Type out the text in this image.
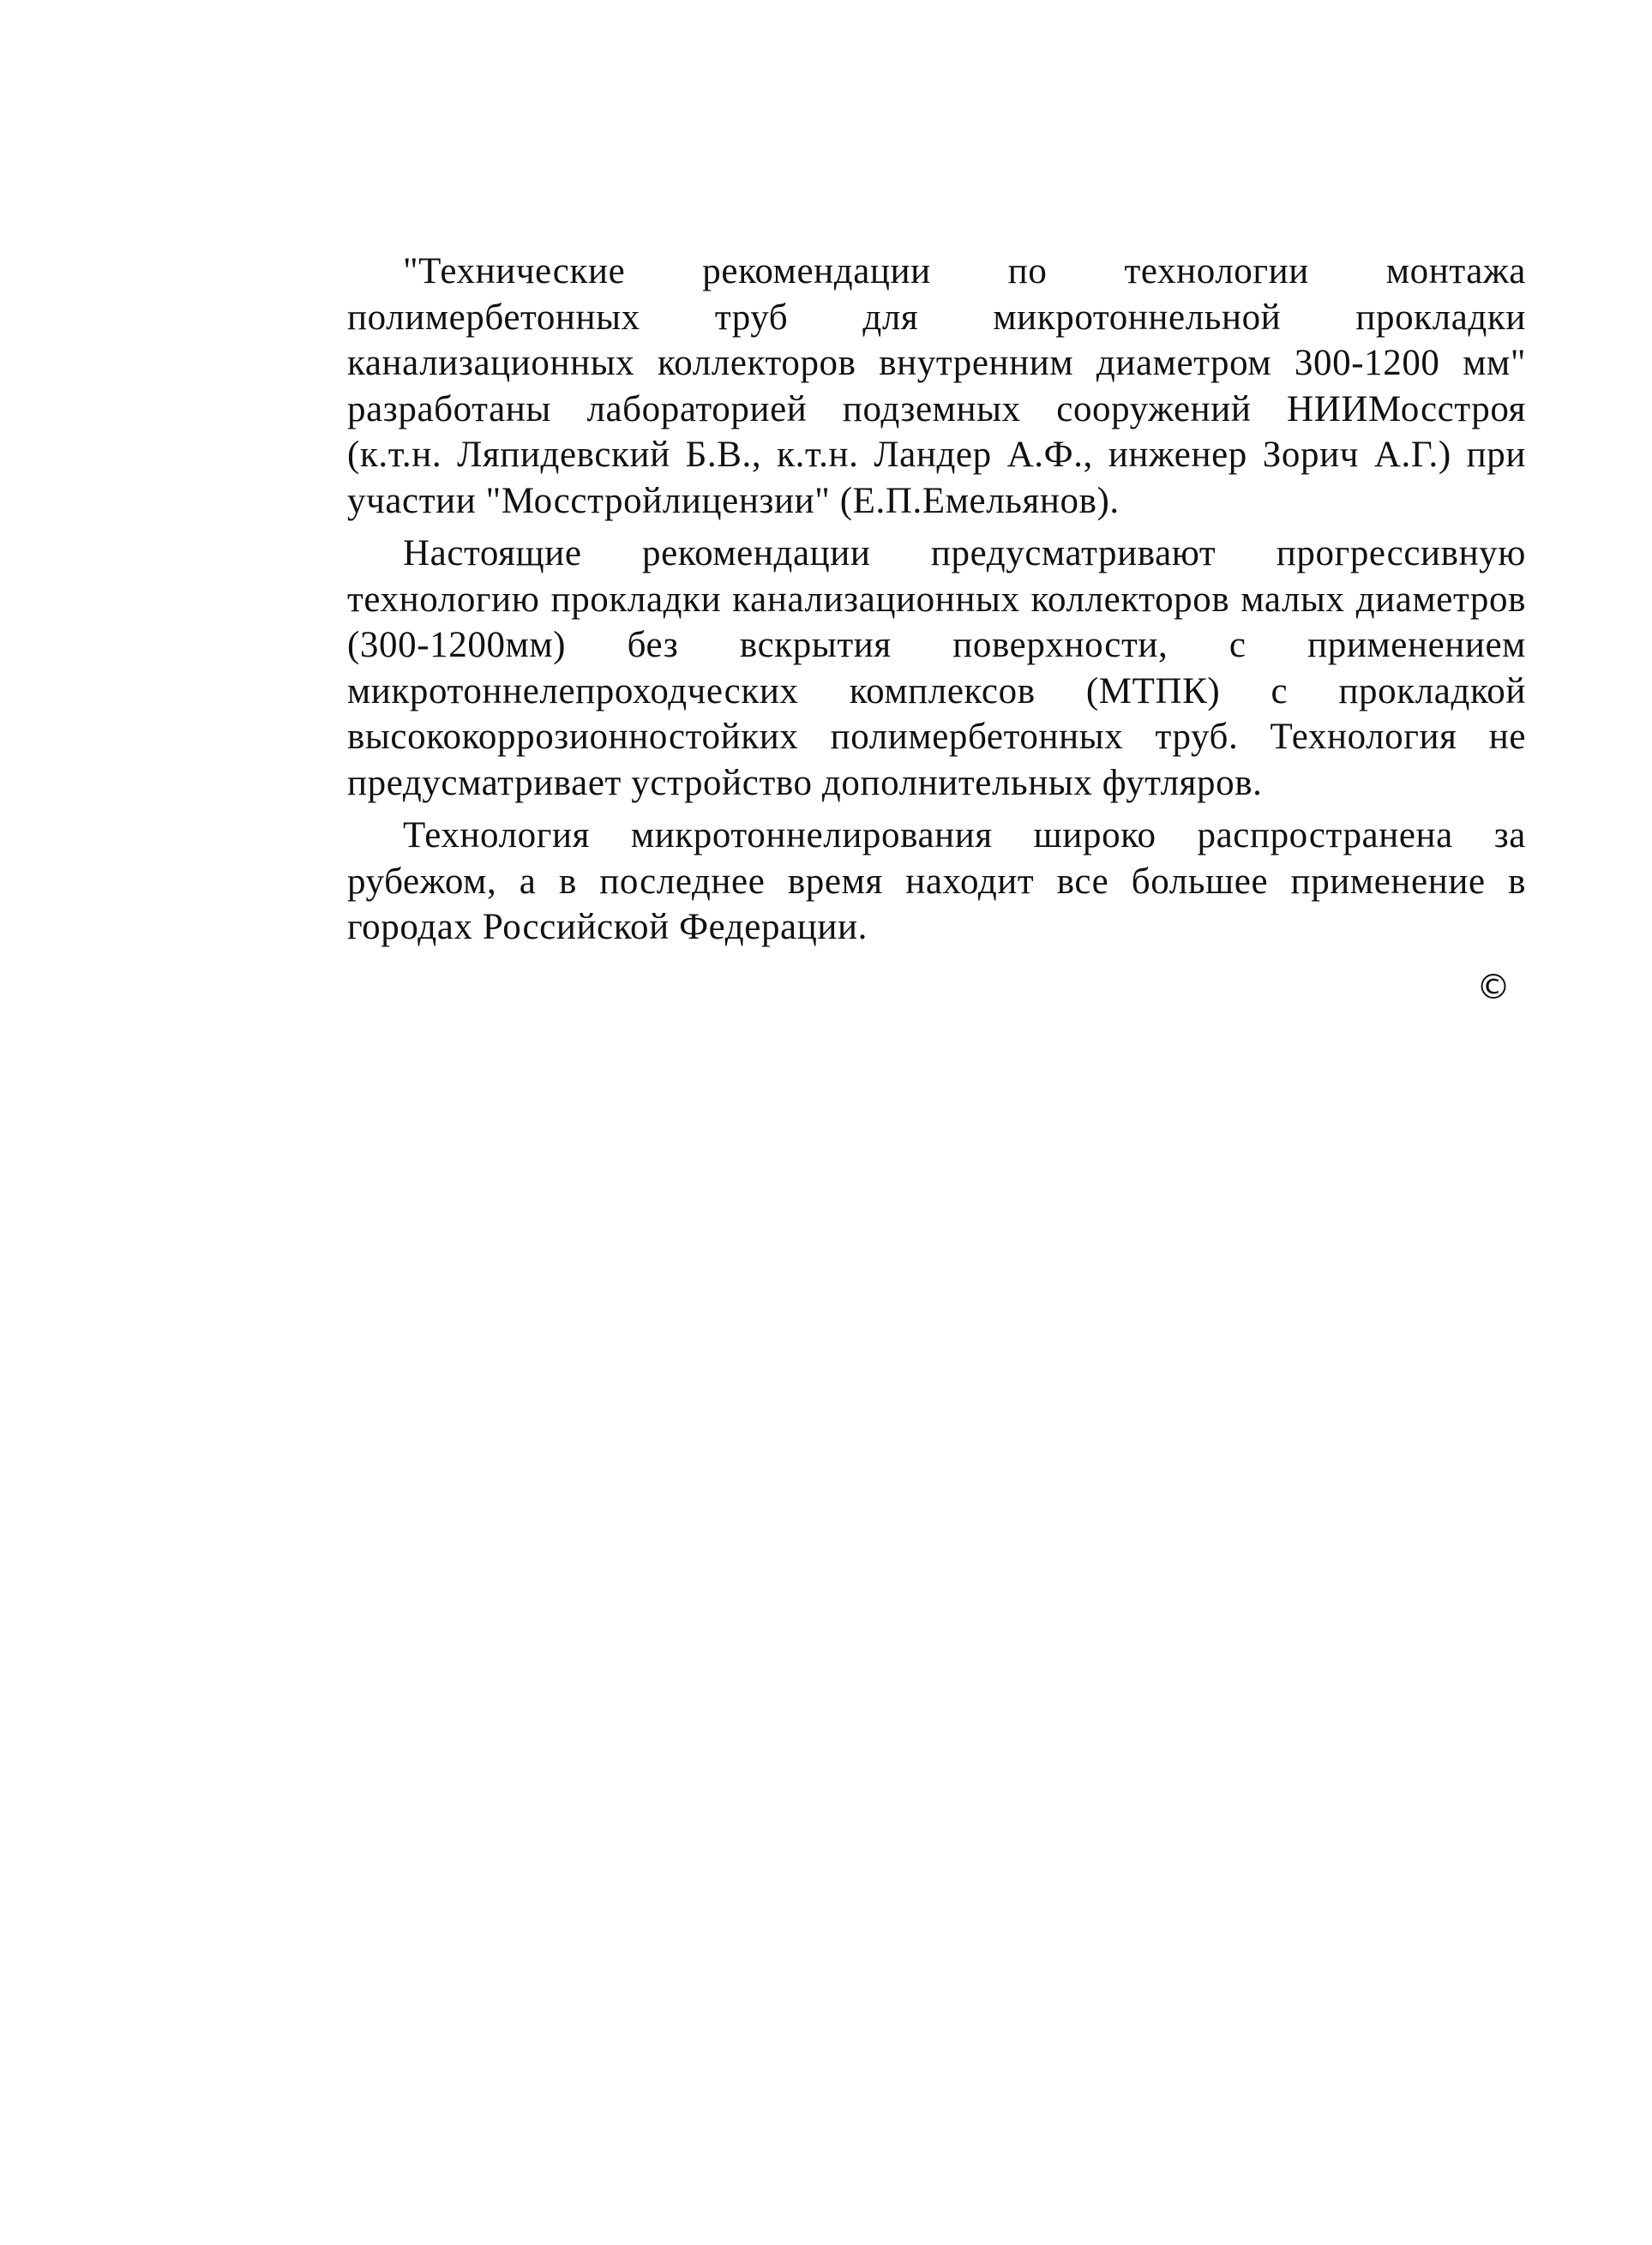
"Технические рекомендации по технологии монтажа полимербетонных труб для микротоннельной прокладки канализационных коллекторов внутренним диаметром 300-1200 мм" разработаны лабораторией подземных сооружений НИИМосстроя (к.т.н. Ляпидевский Б.В., к.т.н. Ландер А.Ф., инженер Зорич А.Г.) при участии "Мосстройлицензии" (Е.П.Емельянов).

Настоящие рекомендации предусматривают прогрессивную технологию прокладки канализационных коллекторов малых диаметров (300-1200мм) без вскрытия поверхности, с применением микротоннелепроходческих комплексов (МТПК) с прокладкой высококоррозионностойких полимербетонных труб. Технология не предусматривает устройство дополнительных футляров.

Технология микротоннелирования широко распространена за рубежом, а в последнее время находит все большее применение в городах Российской Федерации.

©
